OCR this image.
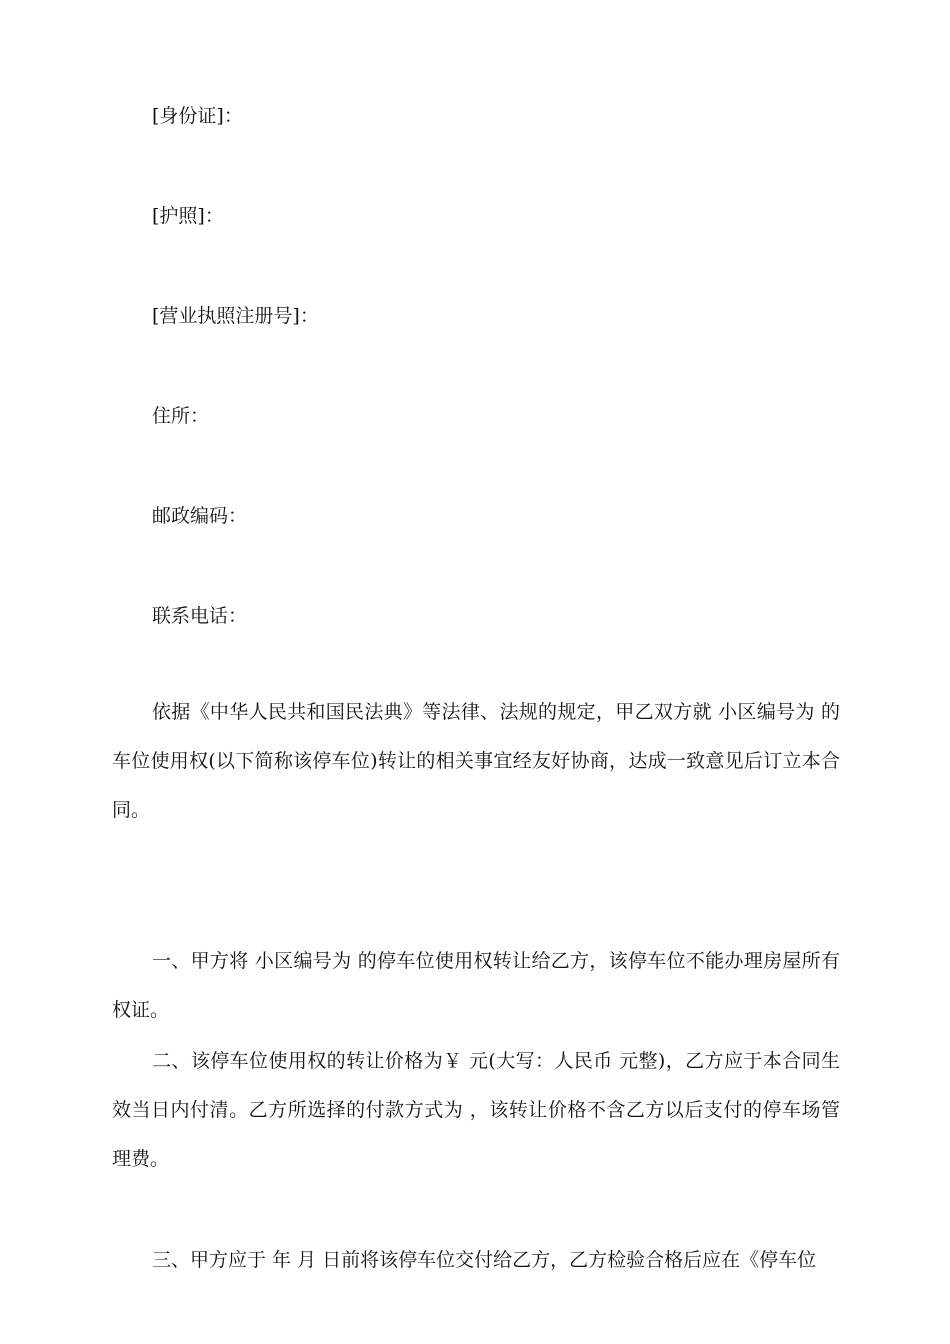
[身份证]：
[护照]：
[营业执照注册号]：
住所：
邮政编码：
联系电话：
依据《中华人民共和国民法典》等法律、法规的规定，甲乙双方就 小区编号为 的车位使用权(以下简称该停车位)转让的相关事宜经友好协商，达成一致意见后订立本合同。
一、甲方将 小区编号为 的停车位使用权转让给乙方，该停车位不能办理房屋所有权证。
二、该停车位使用权的转让价格为￥ 元(大写：人民币 元整)，乙方应于本合同生效当日内付清。乙方所选择的付款方式为 ，该转让价格不含乙方以后支付的停车场管理费。
三、甲方应于 年 月 日前将该停车位交付给乙方，乙方检验合格后应在《停车位
